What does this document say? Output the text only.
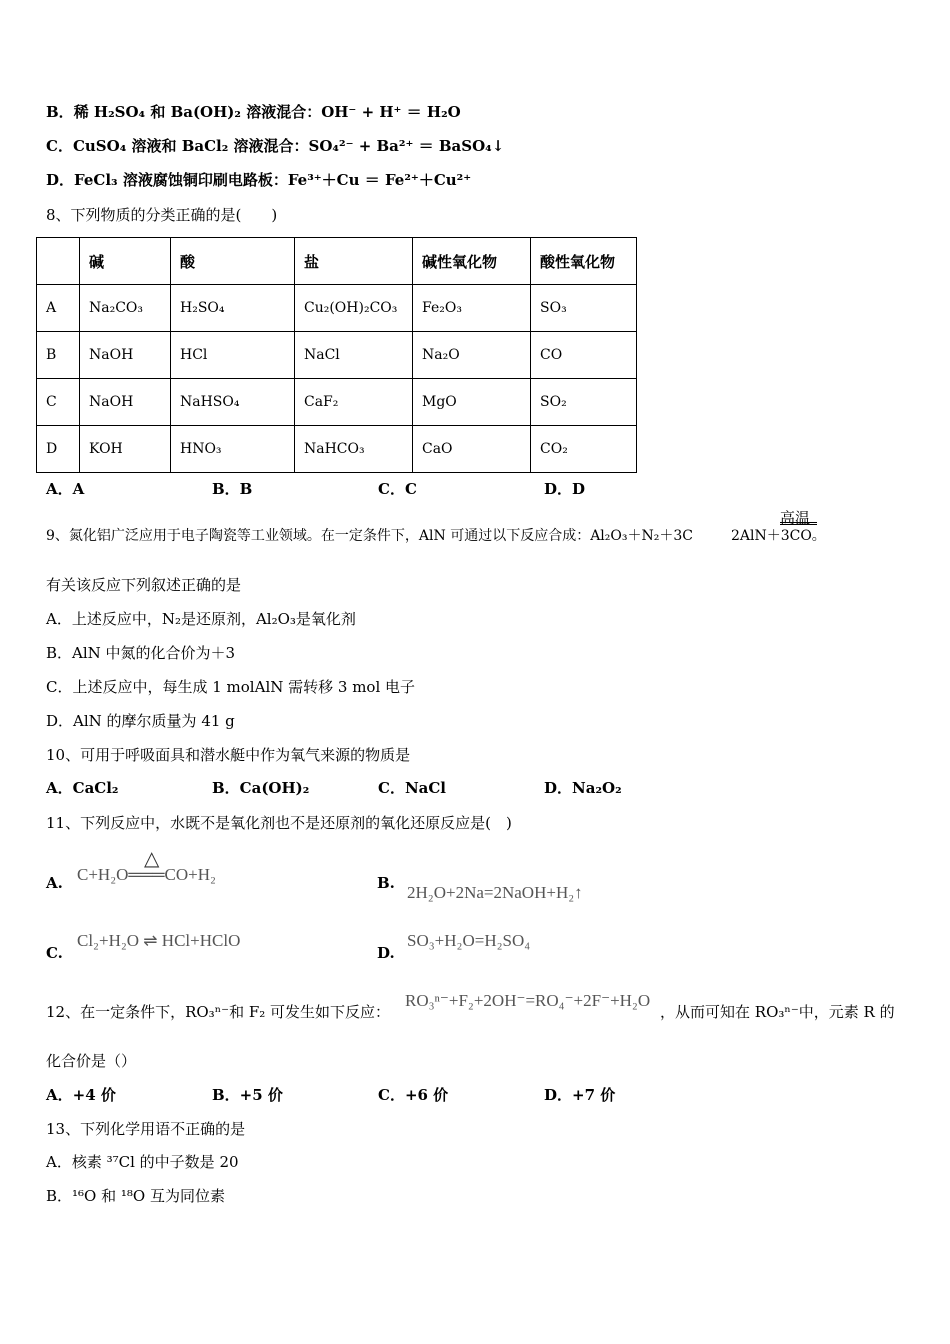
B．稀 H₂SO₄ 和 Ba(OH)₂ 溶液混合：OH⁻ + H⁺ ＝ H₂O
C．CuSO₄ 溶液和 BaCl₂ 溶液混合：SO₄²⁻ + Ba²⁺ ＝ BaSO₄↓
D．FeCl₃ 溶液腐蚀铜印刷电路板：Fe³⁺＋Cu ＝ Fe²⁺＋Cu²⁺
8、下列物质的分类正确的是(　　)
	碱	酸	盐	碱性氧化物	酸性氧化物
A	Na₂CO₃	H₂SO₄	Cu₂(OH)₂CO₃	Fe₂O₃	SO₃
B	NaOH	HCl	NaCl	Na₂O	CO
C	NaOH	NaHSO₄	CaF₂	MgO	SO₂
D	KOH	HNO₃	NaHCO₃	CaO	CO₂
A．A	B．B	C．C	D．D
9、氮化铝广泛应用于电子陶瓷等工业领域。在一定条件下，AlN 可通过以下反应合成：Al₂O₃＋N₂＋3C	2AlN＋3CO。
高温
有关该反应下列叙述正确的是
A．上述反应中，N₂是还原剂，Al₂O₃是氧化剂
B．AlN 中氮的化合价为＋3
C．上述反应中，每生成 1 molAlN 需转移 3 mol 电子
D．AlN 的摩尔质量为 41 g
10、可用于呼吸面具和潜水艇中作为氧气来源的物质是
A．CaCl₂	B．Ca(OH)₂	C．NaCl	D．Na₂O₂
11、下列反应中，水既不是氧化剂也不是还原剂的氧化还原反应是(　)
△
A. C+H₂O═══CO+H₂	B. 2H₂O+2Na=2NaOH+H₂↑
C.
Cl₂+H₂O ⇌ HCl+HClO
D.
SO₃+H₂O=H₂SO₄
12、在一定条件下，RO₃ⁿ⁻和 F₂ 可发生如下反应：
RO₃ⁿ⁻+F₂+2OH⁻=RO₄⁻+2F⁻+H₂O
，从而可知在 RO₃ⁿ⁻中，元素 R 的
化合价是（）
A．+4 价	B．+5 价	C．+6 价	D．+7 价
13、下列化学用语不正确的是
A．核素 ³⁷Cl 的中子数是 20
B．¹⁶O 和 ¹⁸O 互为同位素
